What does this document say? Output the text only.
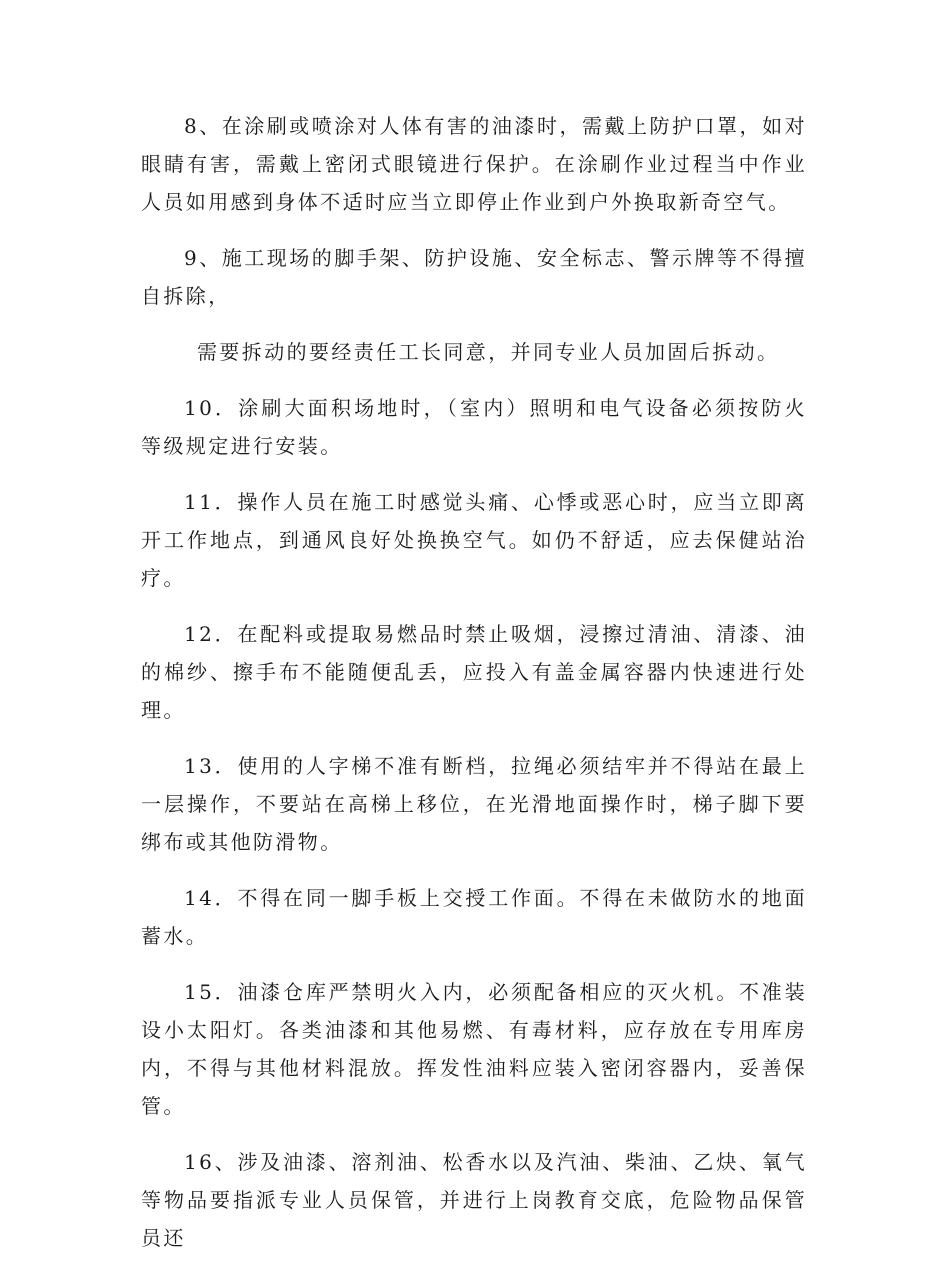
8、在涂刷或喷涂对人体有害的油漆时，需戴上防护口罩，如对眼睛有害，需戴上密闭式眼镜进行保护。在涂刷作业过程当中作业人员如用感到身体不适时应当立即停止作业到户外换取新奇空气。

9、施工现场的脚手架、防护设施、安全标志、警示牌等不得擅自拆除，

需要拆动的要经责任工长同意，并同专业人员加固后拆动。

10．涂刷大面积场地时，（室内）照明和电气设备必须按防火等级规定进行安装。

11．操作人员在施工时感觉头痛、心悸或恶心时，应当立即离开工作地点，到通风良好处换换空气。如仍不舒适，应去保健站治疗。

12．在配料或提取易燃品时禁止吸烟，浸擦过清油、清漆、油的棉纱、擦手布不能随便乱丢，应投入有盖金属容器内快速进行处理。

13．使用的人字梯不准有断档，拉绳必须结牢并不得站在最上一层操作，不要站在高梯上移位，在光滑地面操作时，梯子脚下要绑布或其他防滑物。

14．不得在同一脚手板上交授工作面。不得在未做防水的地面蓄水。

15．油漆仓库严禁明火入内，必须配备相应的灭火机。不准装设小太阳灯。各类油漆和其他易燃、有毒材料，应存放在专用库房内，不得与其他材料混放。挥发性油料应装入密闭容器内，妥善保管。

16、涉及油漆、溶剂油、松香水以及汽油、柴油、乙炔、氧气等物品要指派专业人员保管，并进行上岗教育交底，危险物品保管员还
